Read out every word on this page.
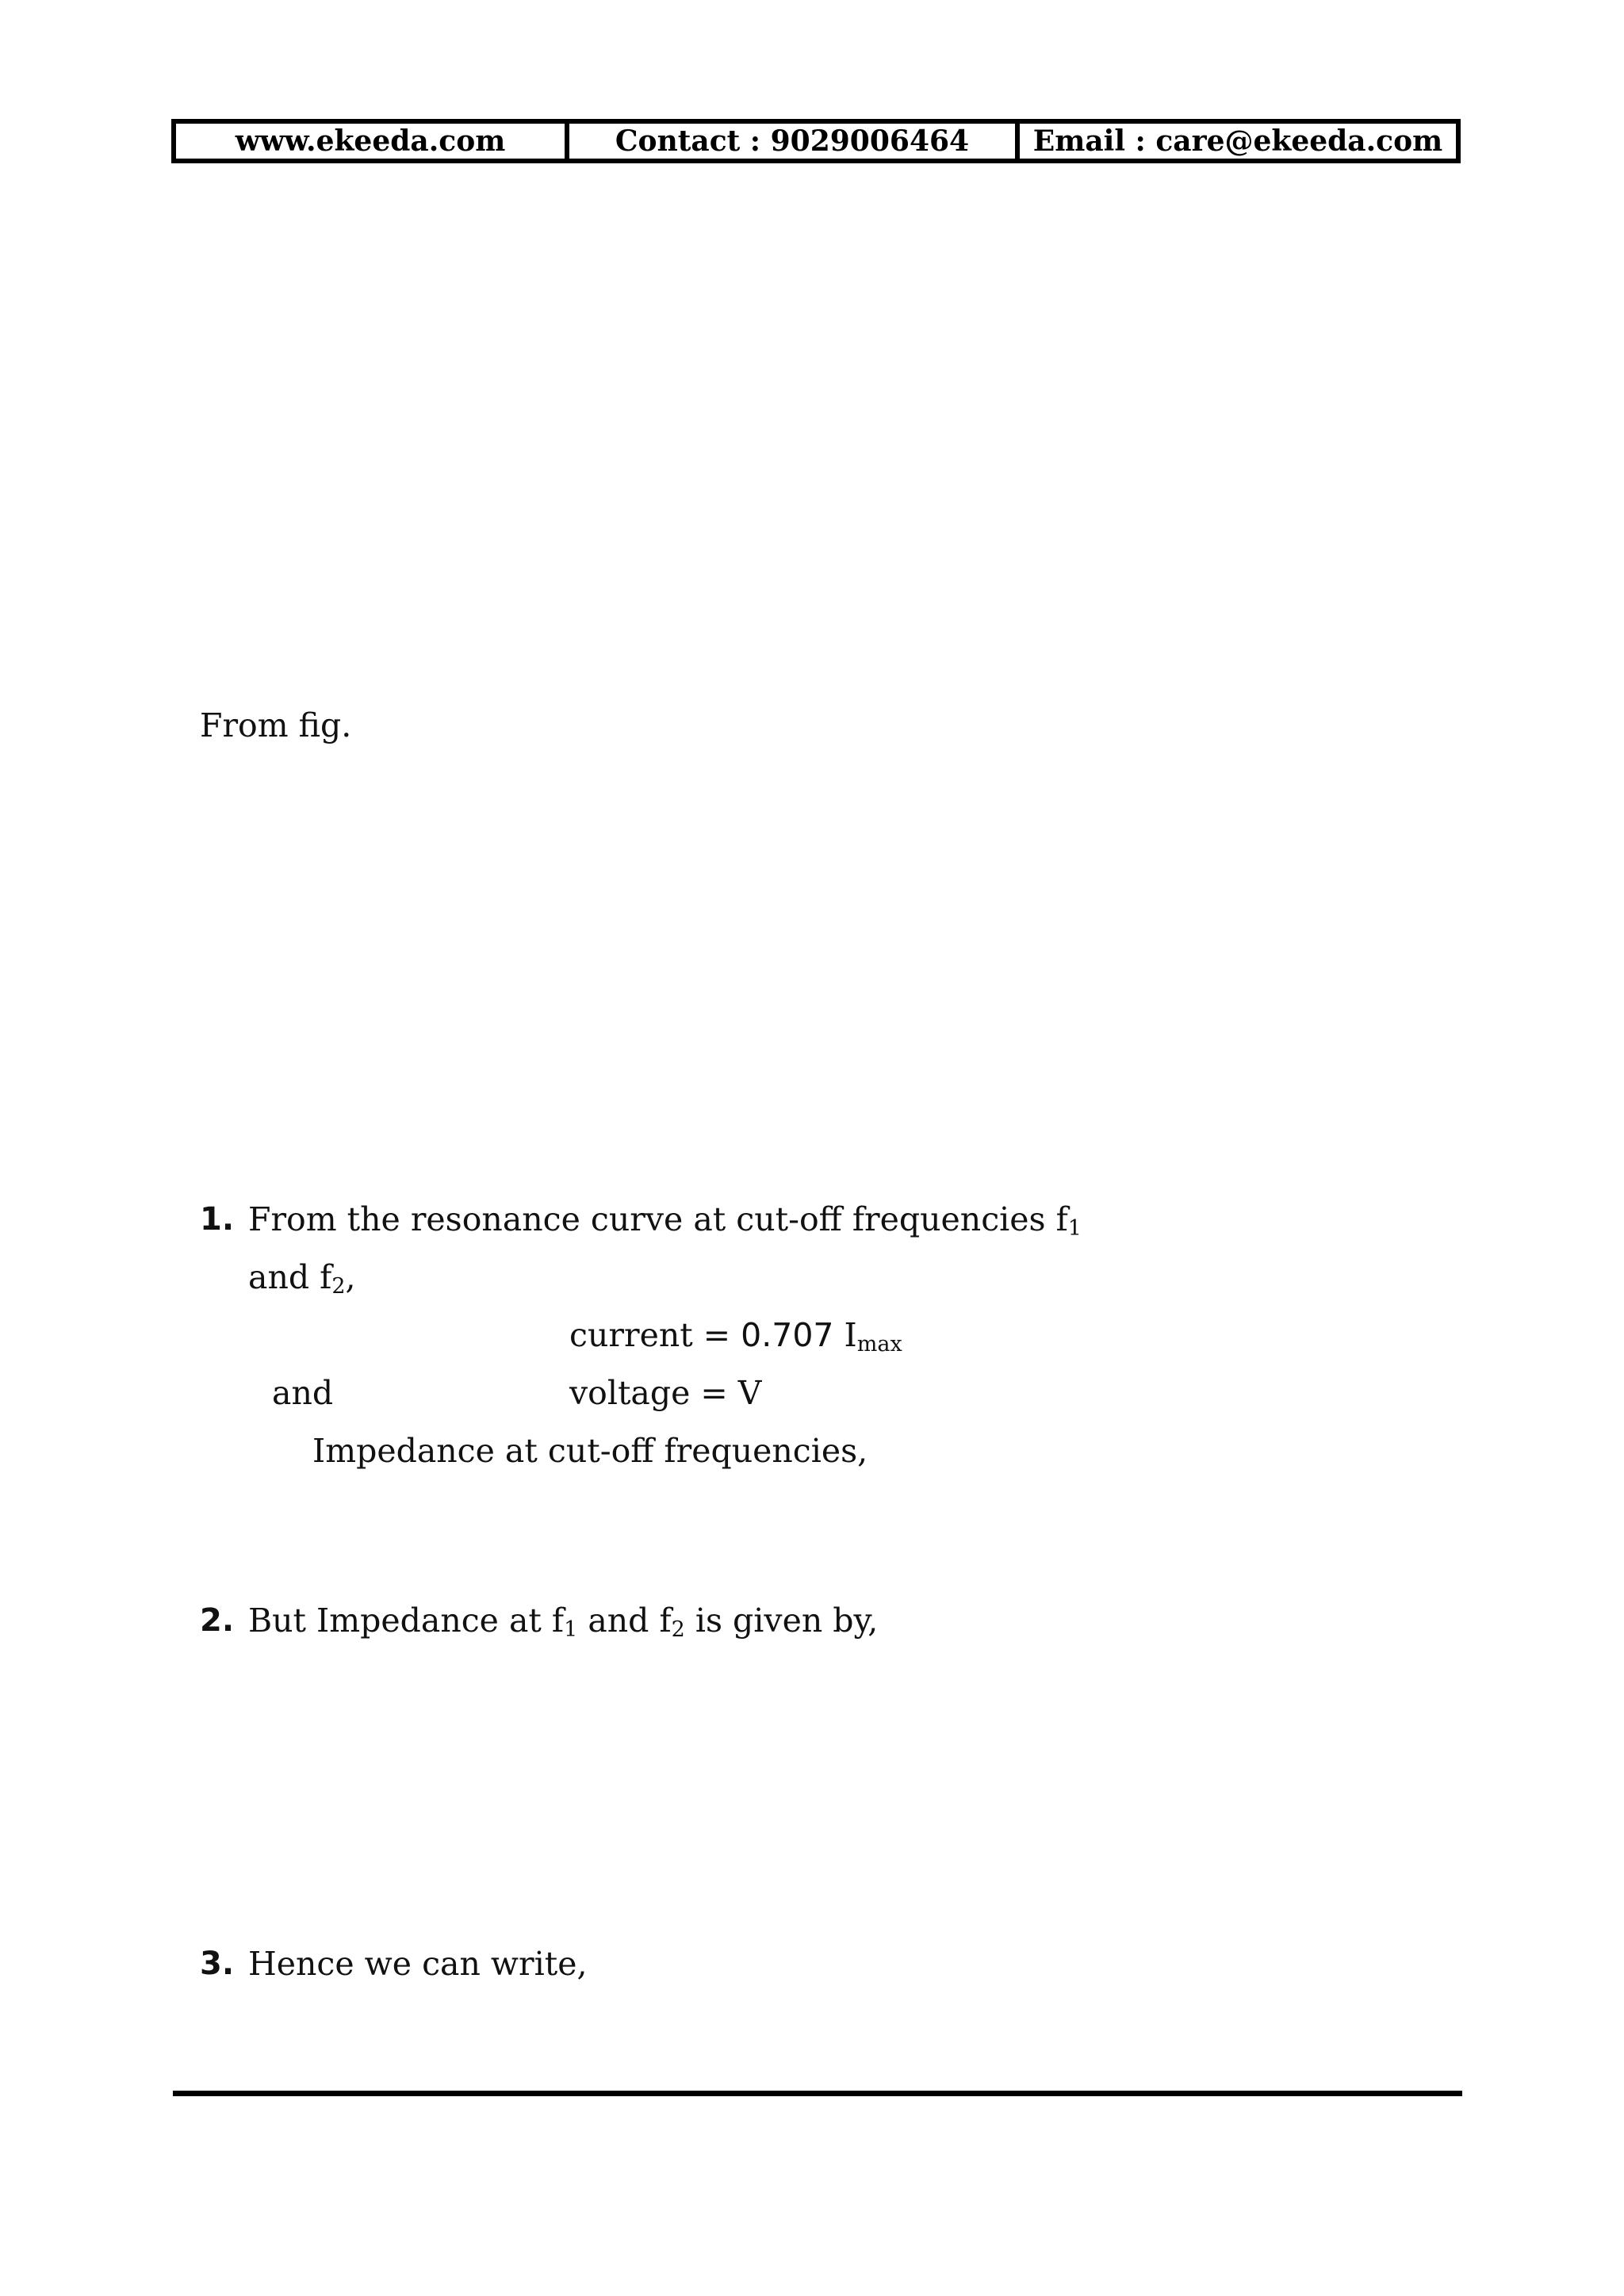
www.ekeeda.com	Contact : 9029006464	Email : care@ekeeda.com
From fig.
1. From the resonance curve at cut-off frequencies $f_1$
and $f_2$,
current = 0.707 $I_{max}$
and	voltage = V
Impedance at cut-off frequencies,
2. But Impedance at $f_1$ and $f_2$ is given by,
3. Hence we can write,
